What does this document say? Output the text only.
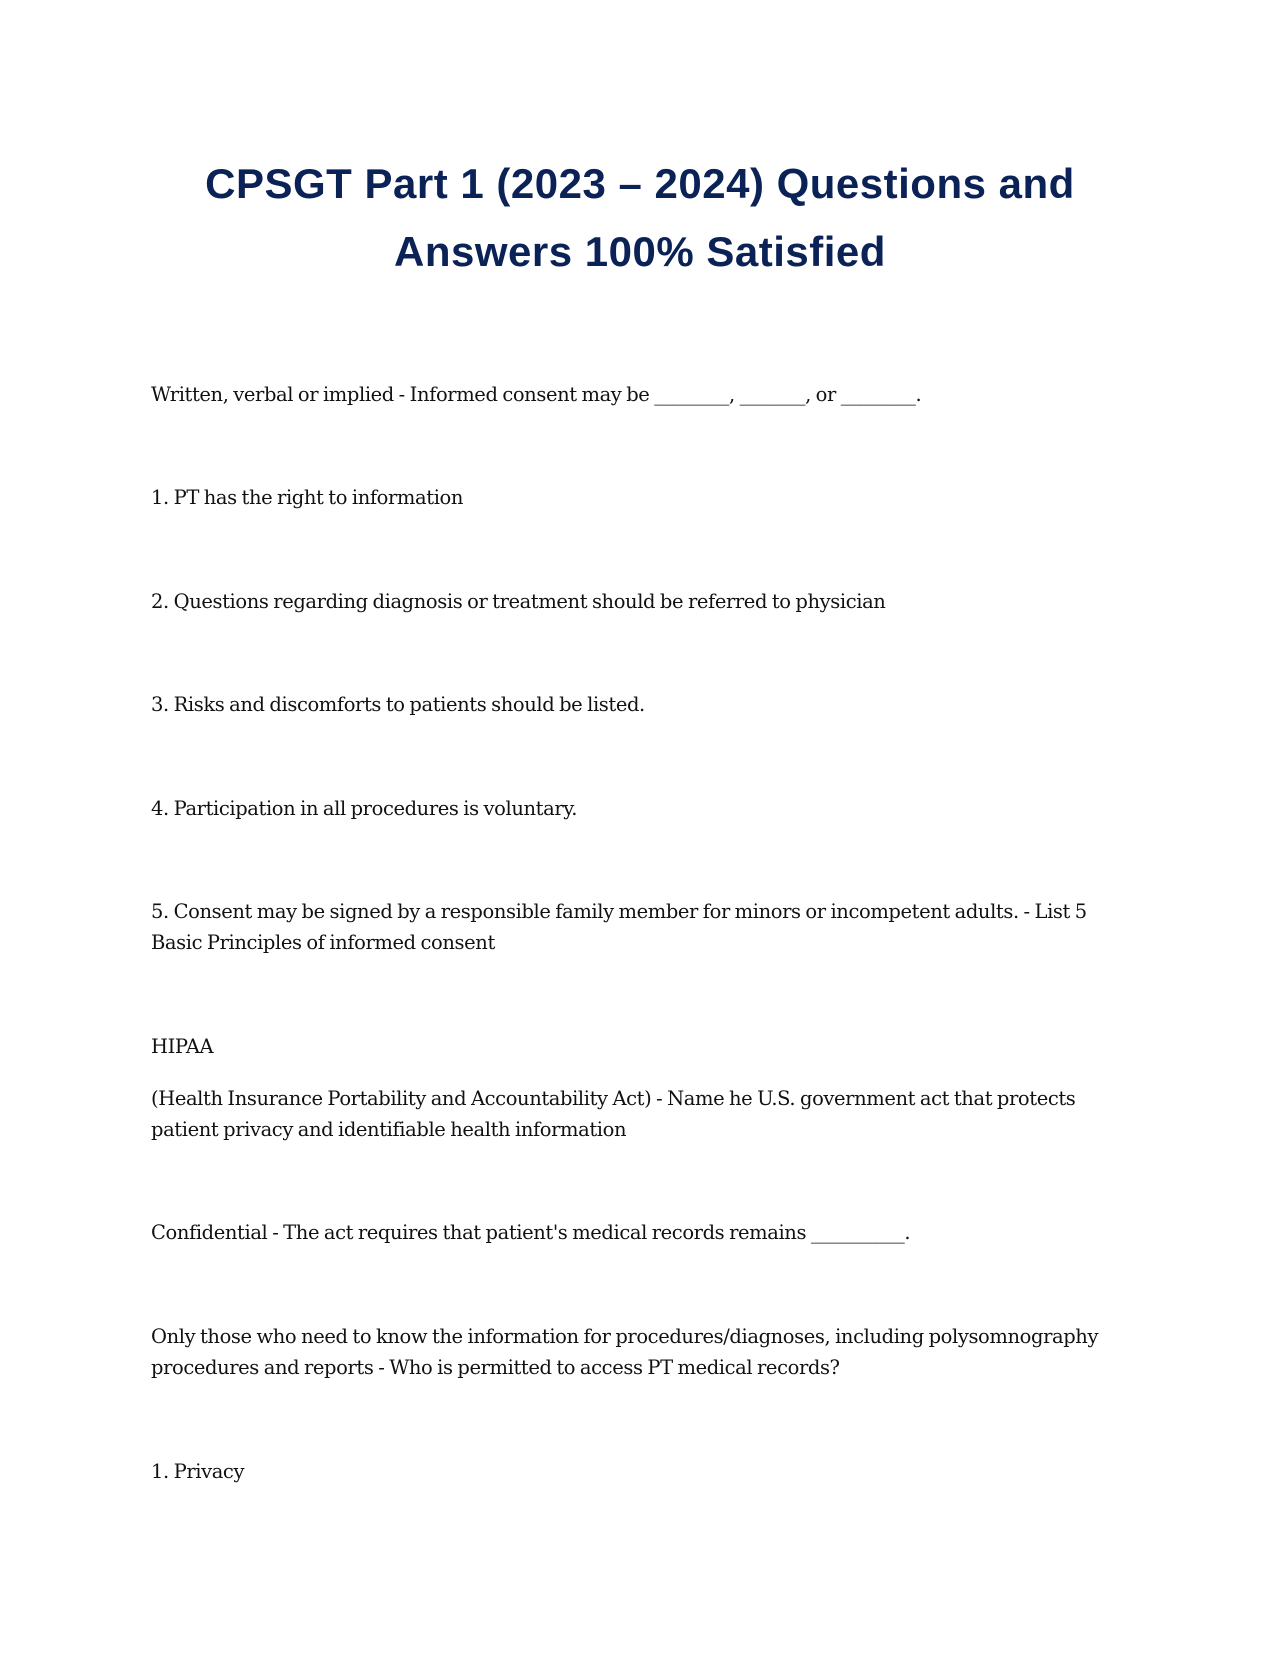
CPSGT Part 1 (2023 – 2024) Questions and
Answers 100% Satisfied

Written, verbal or implied - Informed consent may be ________, _______, or ________.

1. PT has the right to information

2. Questions regarding diagnosis or treatment should be referred to physician

3. Risks and discomforts to patients should be listed.

4. Participation in all procedures is voluntary.

5. Consent may be signed by a responsible family member for minors or incompetent adults. - List 5 Basic Principles of informed consent

HIPAA

(Health Insurance Portability and Accountability Act) - Name he U.S. government act that protects patient privacy and identifiable health information

Confidential - The act requires that patient's medical records remains __________.

Only those who need to know the information for procedures/diagnoses, including polysomnography procedures and reports - Who is permitted to access PT medical records?

1. Privacy
